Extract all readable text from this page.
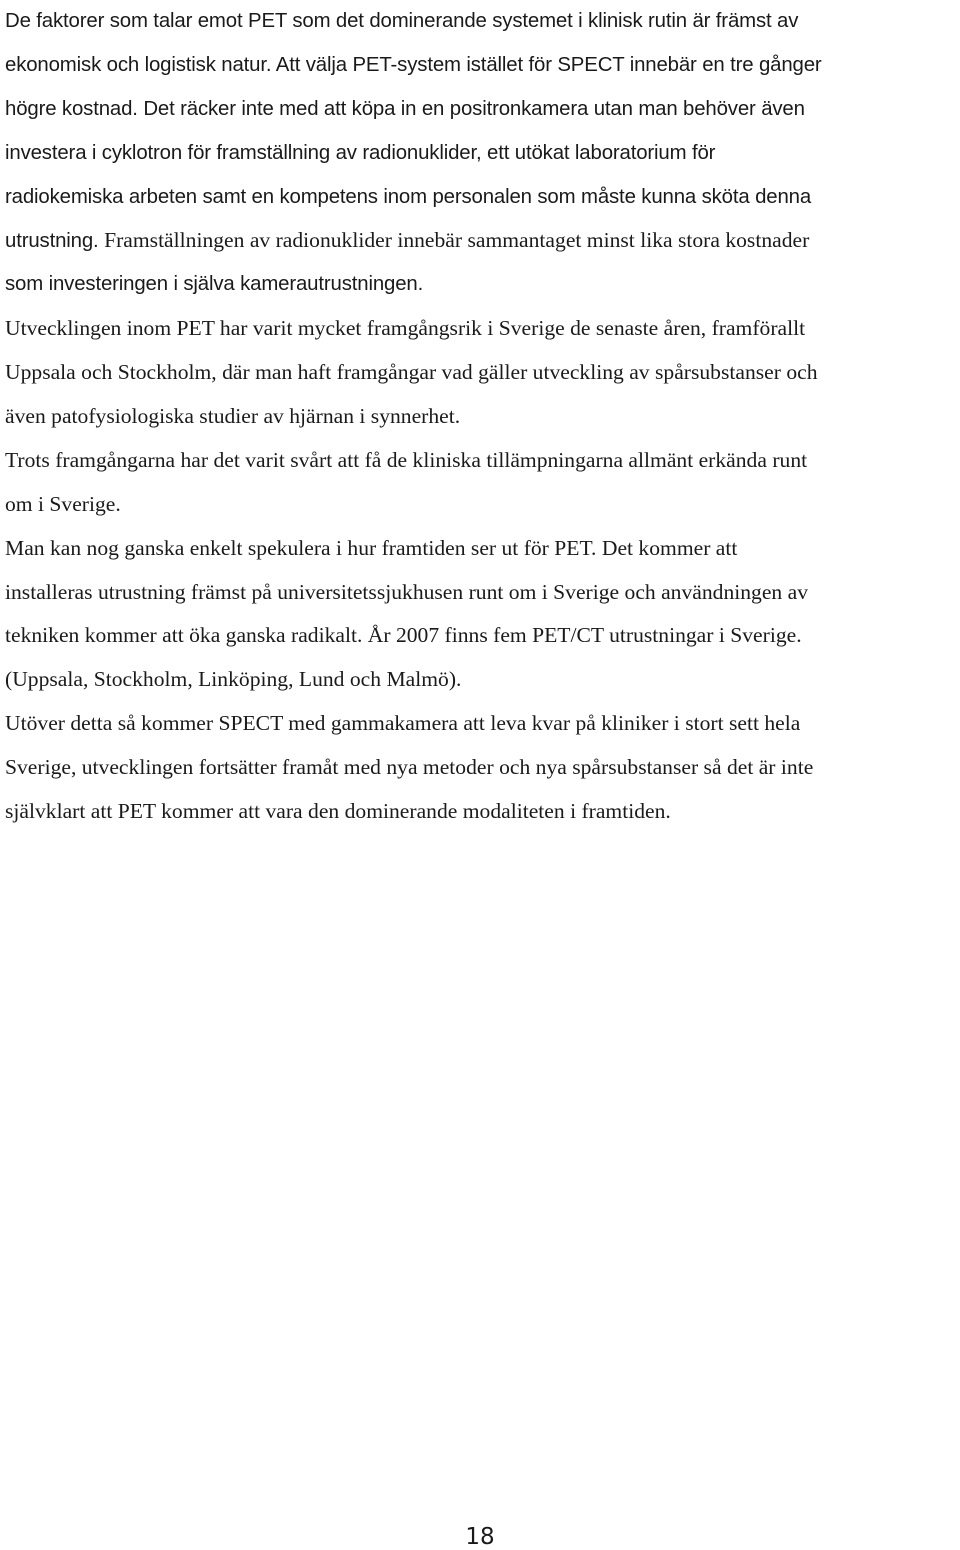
De faktorer som talar emot PET som det dominerande systemet i klinisk rutin är främst av
ekonomisk och logistisk natur. Att välja PET-system istället för SPECT innebär en tre gånger
högre kostnad. Det räcker inte med att köpa in en positronkamera utan man behöver även
investera i cyklotron för framställning av radionuklider, ett utökat laboratorium för
radiokemiska arbeten samt en kompetens inom personalen som måste kunna sköta denna
utrustning. Framställningen av radionuklider innebär sammantaget minst lika stora kostnader
som investeringen i själva kamerautrustningen.
Utvecklingen inom PET har varit mycket framgångsrik i Sverige de senaste åren, framförallt
Uppsala och Stockholm, där man haft framgångar vad gäller utveckling av spårsubstanser och
även patofysiologiska studier av hjärnan i synnerhet.
Trots framgångarna har det varit svårt att få de kliniska tillämpningarna allmänt erkända runt
om i Sverige.
Man kan nog ganska enkelt spekulera i hur framtiden ser ut för PET. Det kommer att
installeras utrustning främst på universitetssjukhusen runt om i Sverige och användningen av
tekniken kommer att öka ganska radikalt. År 2007 finns fem PET/CT utrustningar i Sverige.
(Uppsala, Stockholm, Linköping, Lund och Malmö).
Utöver detta så kommer SPECT med gammakamera att leva kvar på kliniker i stort sett hela
Sverige, utvecklingen fortsätter framåt med nya metoder och nya spårsubstanser så det är inte
självklart att PET kommer att vara den dominerande modaliteten i framtiden.
18
